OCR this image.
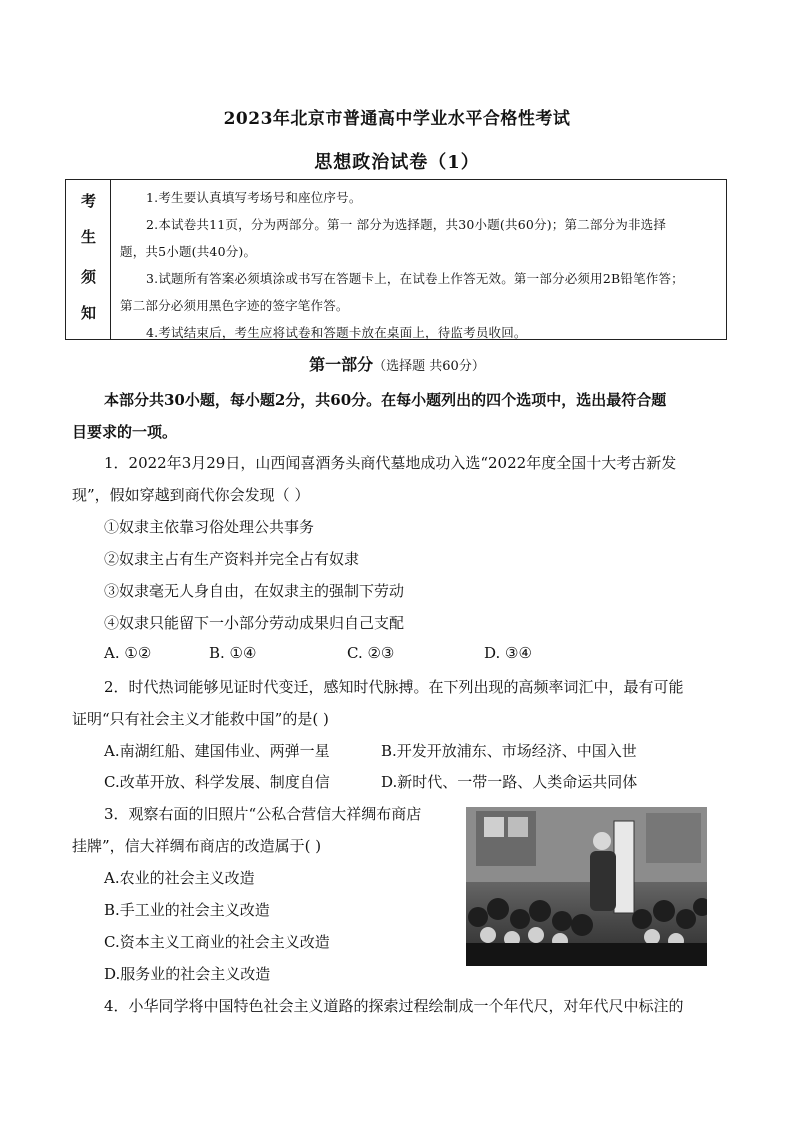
2023年北京市普通高中学业水平合格性考试
思想政治试卷（1）
考
生
须
知
1.考生要认真填写考场号和座位序号。
2.本试卷共11页，分为两部分。第一 部分为选择题，共30小题(共60分)；第二部分为非选择
题，共5小题(共40分)。
3.试题所有答案必须填涂或书写在答题卡上，在试卷上作答无效。第一部分必须用2B铅笔作答；
第二部分必须用黑色字迹的签字笔作答。
4.考试结束后，考生应将试卷和答题卡放在桌面上，待监考员收回。
第一部分（选择题 共60分）
本部分共30小题，每小题2分，共60分。在每小题列出的四个选项中，选出最符合题
目要求的一项。
1．2022年3月29日，山西闻喜酒务头商代墓地成功入选“2022年度全国十大考古新发
现”，假如穿越到商代你会发现（ ）
①奴隶主依靠习俗处理公共事务
②奴隶主占有生产资料并完全占有奴隶
③奴隶毫无人身自由，在奴隶主的强制下劳动
④奴隶只能留下一小部分劳动成果归自己支配
A. ①②	B. ①④	C. ②③	D. ③④
2．时代热词能够见证时代变迁，感知时代脉搏。在下列出现的高频率词汇中，最有可能
证明“只有社会主义才能救中国”的是( )
A.南湖红船、建国伟业、两弹一星	B.开发开放浦东、市场经济、中国入世
C.改革开放、科学发展、制度自信	D.新时代、一带一路、人类命运共同体
3．观察右面的旧照片“公私合营信大祥绸布商店
挂牌”，信大祥绸布商店的改造属于( )
A.农业的社会主义改造
B.手工业的社会主义改造
C.资本主义工商业的社会主义改造
D.服务业的社会主义改造
4．小华同学将中国特色社会主义道路的探索过程绘制成一个年代尺，对年代尺中标注的
